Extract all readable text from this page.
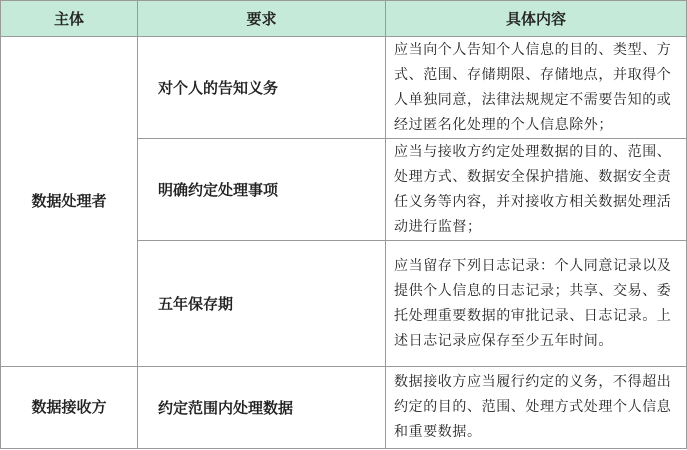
主体	要求	具体内容
数据处理者	对个人的告知义务	应当向个人告知个人信息的目的、类型、方式、范围、存储期限、存储地点，并取得个人单独同意，法律法规规定不需要告知的或经过匿名化处理的个人信息除外；
	明确约定处理事项	应当与接收方约定处理数据的目的、范围、处理方式、数据安全保护措施、数据安全责任义务等内容，并对接收方相关数据处理活动进行监督；
	五年保存期	应当留存下列日志记录：个人同意记录以及提供个人信息的日志记录；共享、交易、委托处理重要数据的审批记录、日志记录。上述日志记录应保存至少五年时间。
数据接收方	约定范围内处理数据	数据接收方应当履行约定的义务，不得超出约定的目的、范围、处理方式处理个人信息和重要数据。
